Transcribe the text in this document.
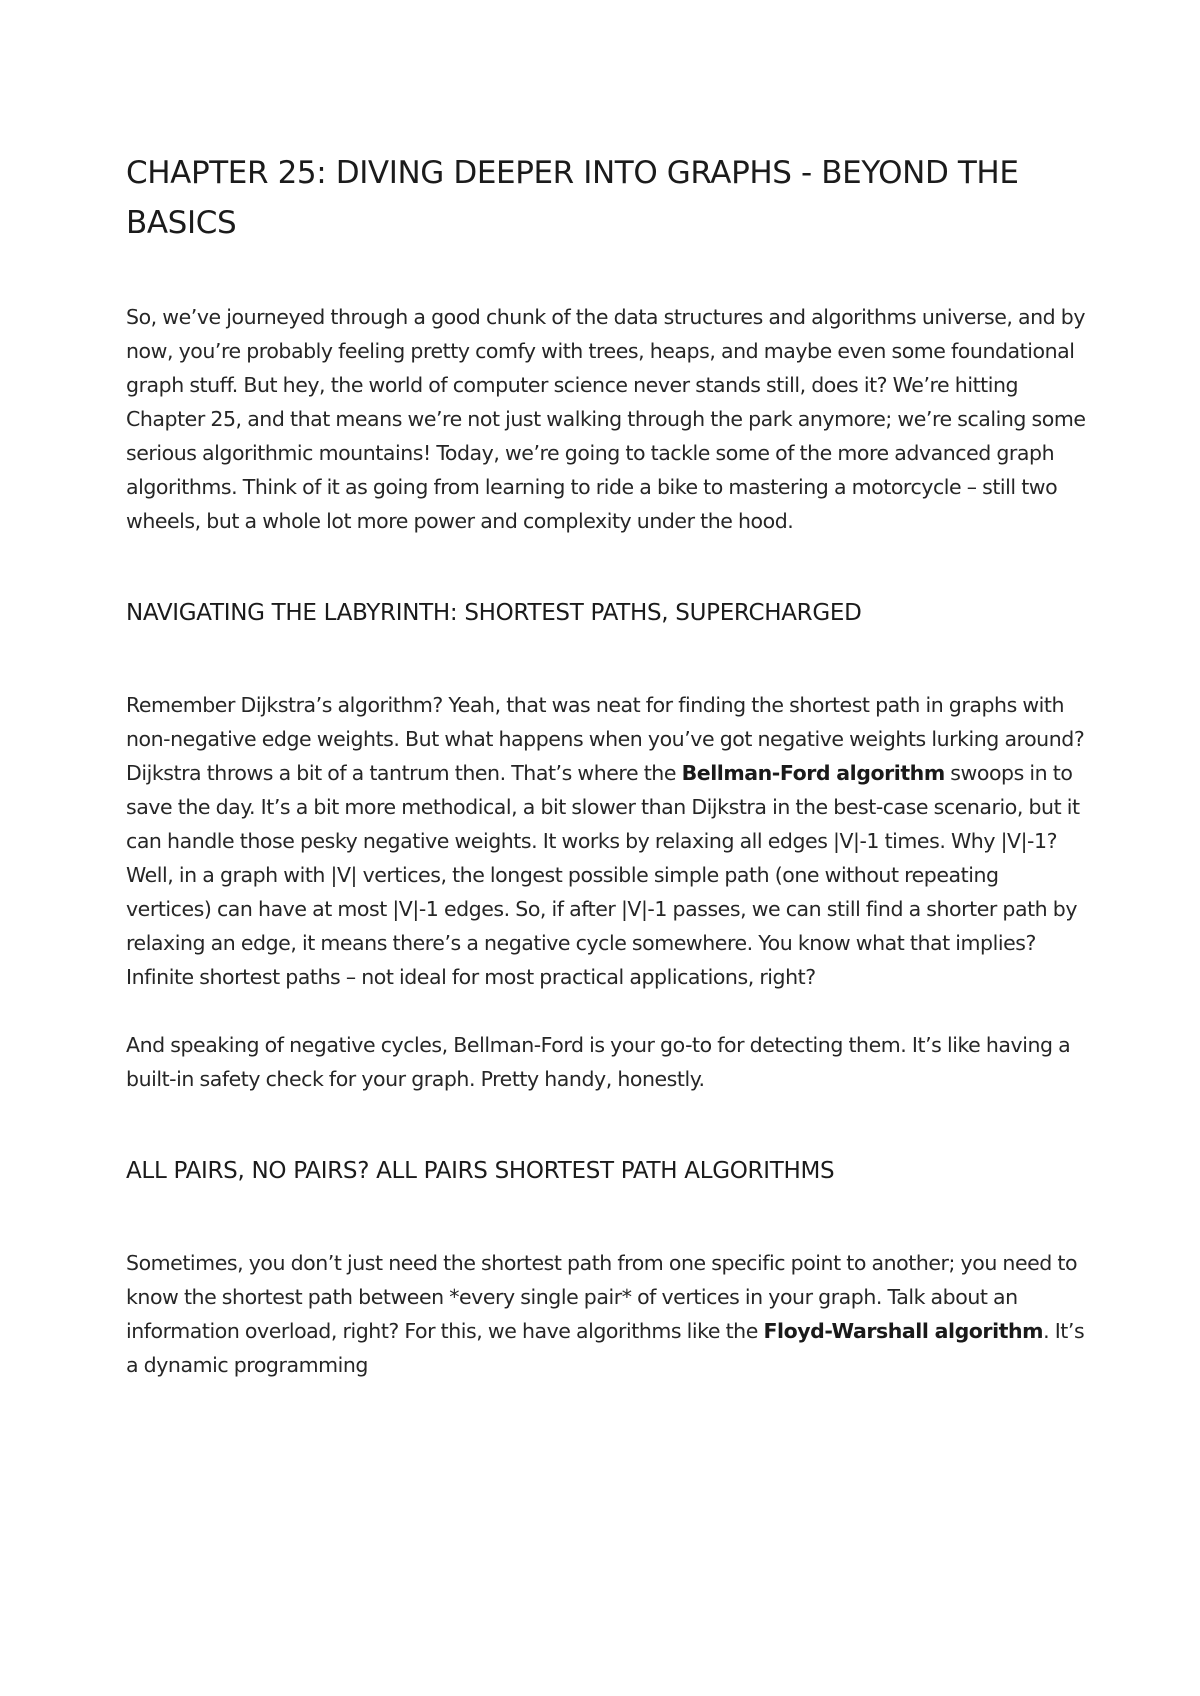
CHAPTER 25: DIVING DEEPER INTO GRAPHS - BEYOND THE BASICS

So, we’ve journeyed through a good chunk of the data structures and algorithms universe, and by now, you’re probably feeling pretty comfy with trees, heaps, and maybe even some foundational graph stuff. But hey, the world of computer science never stands still, does it? We’re hitting Chapter 25, and that means we’re not just walking through the park anymore; we’re scaling some serious algorithmic mountains! Today, we’re going to tackle some of the more advanced graph algorithms. Think of it as going from learning to ride a bike to mastering a motorcycle – still two wheels, but a whole lot more power and complexity under the hood.

NAVIGATING THE LABYRINTH: SHORTEST PATHS, SUPERCHARGED

Remember Dijkstra’s algorithm? Yeah, that was neat for finding the shortest path in graphs with non-negative edge weights. But what happens when you’ve got negative weights lurking around? Dijkstra throws a bit of a tantrum then. That’s where the Bellman-Ford algorithm swoops in to save the day. It’s a bit more methodical, a bit slower than Dijkstra in the best-case scenario, but it can handle those pesky negative weights. It works by relaxing all edges |V|-1 times. Why |V|-1? Well, in a graph with |V| vertices, the longest possible simple path (one without repeating vertices) can have at most |V|-1 edges. So, if after |V|-1 passes, we can still find a shorter path by relaxing an edge, it means there’s a negative cycle somewhere. You know what that implies? Infinite shortest paths – not ideal for most practical applications, right?

And speaking of negative cycles, Bellman-Ford is your go-to for detecting them. It’s like having a built-in safety check for your graph. Pretty handy, honestly.

ALL PAIRS, NO PAIRS? ALL PAIRS SHORTEST PATH ALGORITHMS

Sometimes, you don’t just need the shortest path from one specific point to another; you need to know the shortest path between *every single pair* of vertices in your graph. Talk about an information overload, right? For this, we have algorithms like the Floyd-Warshall algorithm. It’s a dynamic programming
